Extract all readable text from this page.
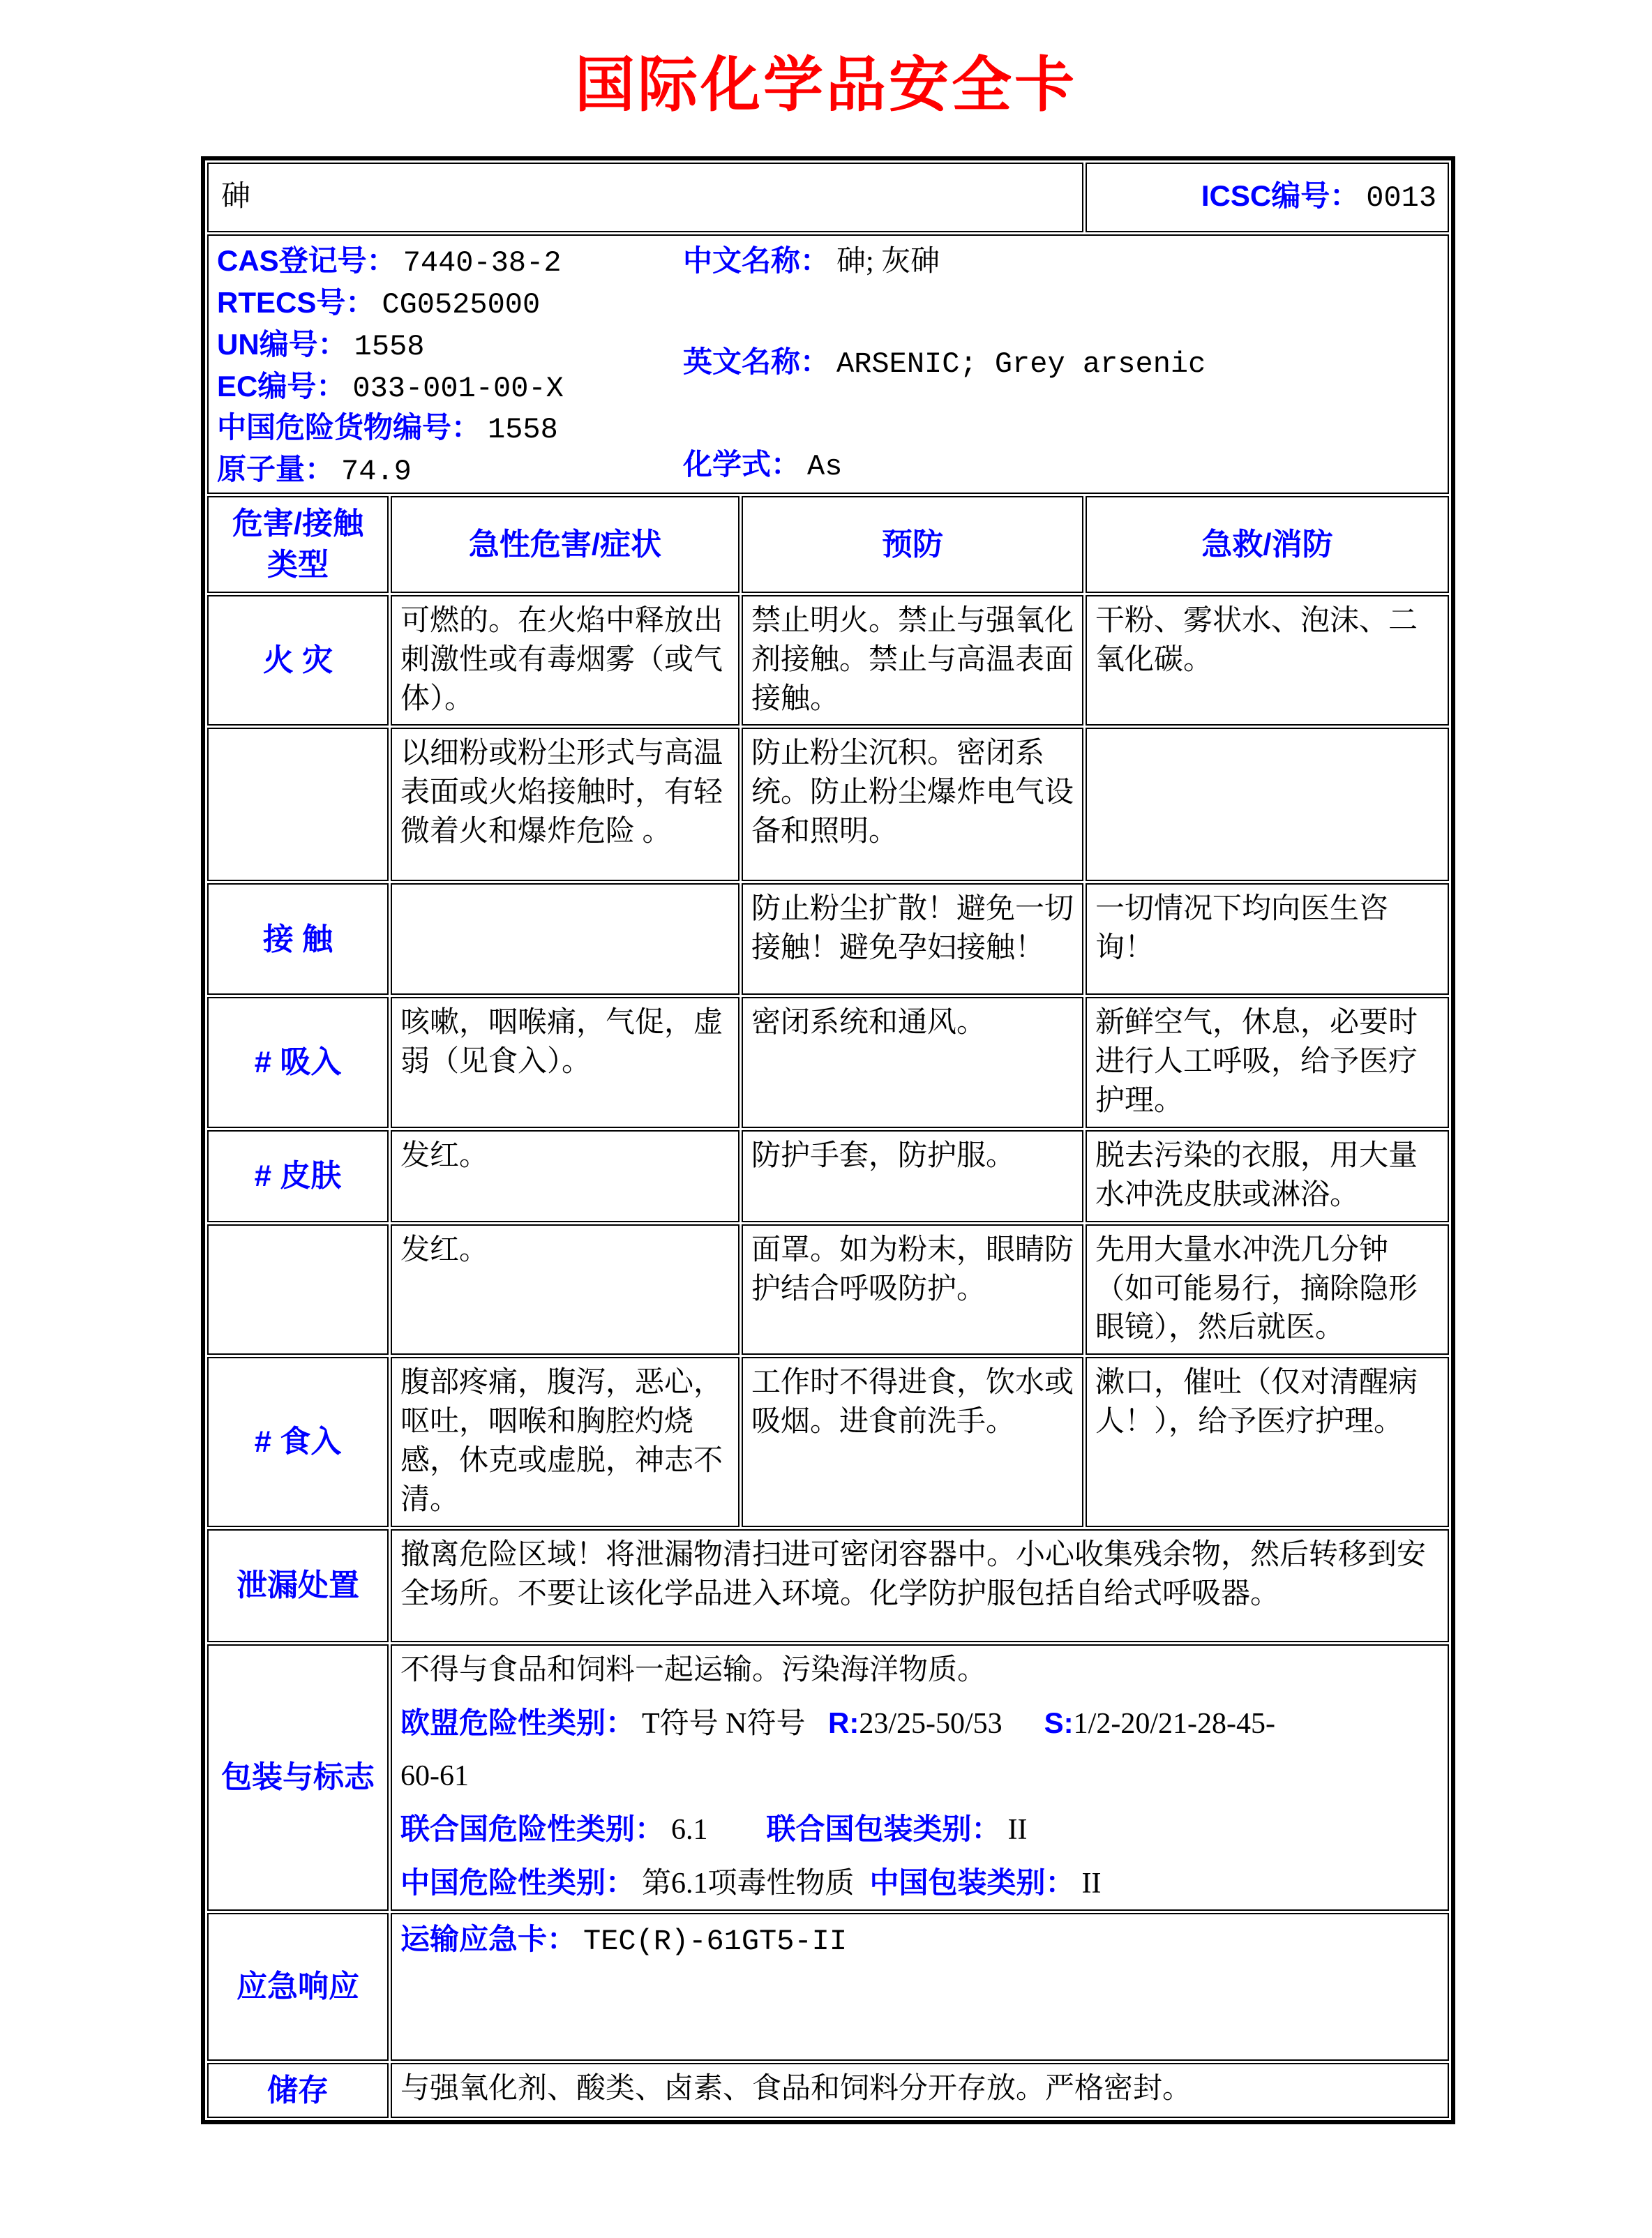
国际化学品安全卡
砷			ICSC编号： 0013

CAS登记号： 7440-38-2
RTECS号： CG0525000
UN编号： 1558
EC编号： 033-001-00-X
中国危险货物编号： 1558
原子量： 74.9
中文名称： 砷; 灰砷
英文名称： ARSENIC; Grey arsenic
化学式： As

危害/接触
类型	急性危害/症状	预防	急救/消防
火 灾	可燃的。在火焰中释放出刺激性或有毒烟雾（或气体）。	禁止明火。禁止与强氧化剂接触。禁止与高温表面接触。	干粉、雾状水、泡沫、二氧化碳。
	以细粉或粉尘形式与高温表面或火焰接触时，有轻微着火和爆炸危险 。	防止粉尘沉积。密闭系统。防止粉尘爆炸电气设备和照明。	
接 触		防止粉尘扩散！避免一切接触！避免孕妇接触！	一切情况下均向医生咨询！
# 吸入	咳嗽，咽喉痛，气促，虚弱（见食入）。	密闭系统和通风。	新鲜空气，休息，必要时进行人工呼吸，给予医疗护理。
# 皮肤	发红。	防护手套，防护服。	脱去污染的衣服，用大量水冲洗皮肤或淋浴。
	发红。	面罩。如为粉末，眼睛防护结合呼吸防护。	先用大量水冲洗几分钟（如可能易行，摘除隐形眼镜），然后就医。
# 食入	腹部疼痛，腹泻，恶心，呕吐，咽喉和胸腔灼烧感，休克或虚脱，神志不清。	工作时不得进食，饮水或吸烟。进食前洗手。	漱口，催吐（仅对清醒病人！），给予医疗护理。
泄漏处置	撤离危险区域！将泄漏物清扫进可密闭容器中。小心收集残余物，然后转移到安全场所。不要让该化学品进入环境。化学防护服包括自给式呼吸器。		
包装与标志	不得与食品和饲料一起运输。污染海洋物质。
欧盟危险性类别： T符号 N符号 R:23/25-50/53 S:1/2-20/21-28-45-
60-61
联合国危险性类别： 6.1 联合国包装类别： II
中国危险性类别： 第6.1项毒性物质 中国包装类别： II		

应急响应	运输应急卡： TEC(R)-61GT5-II		
储存	与强氧化剂、酸类、卤素、食品和饲料分开存放。严格密封。		
